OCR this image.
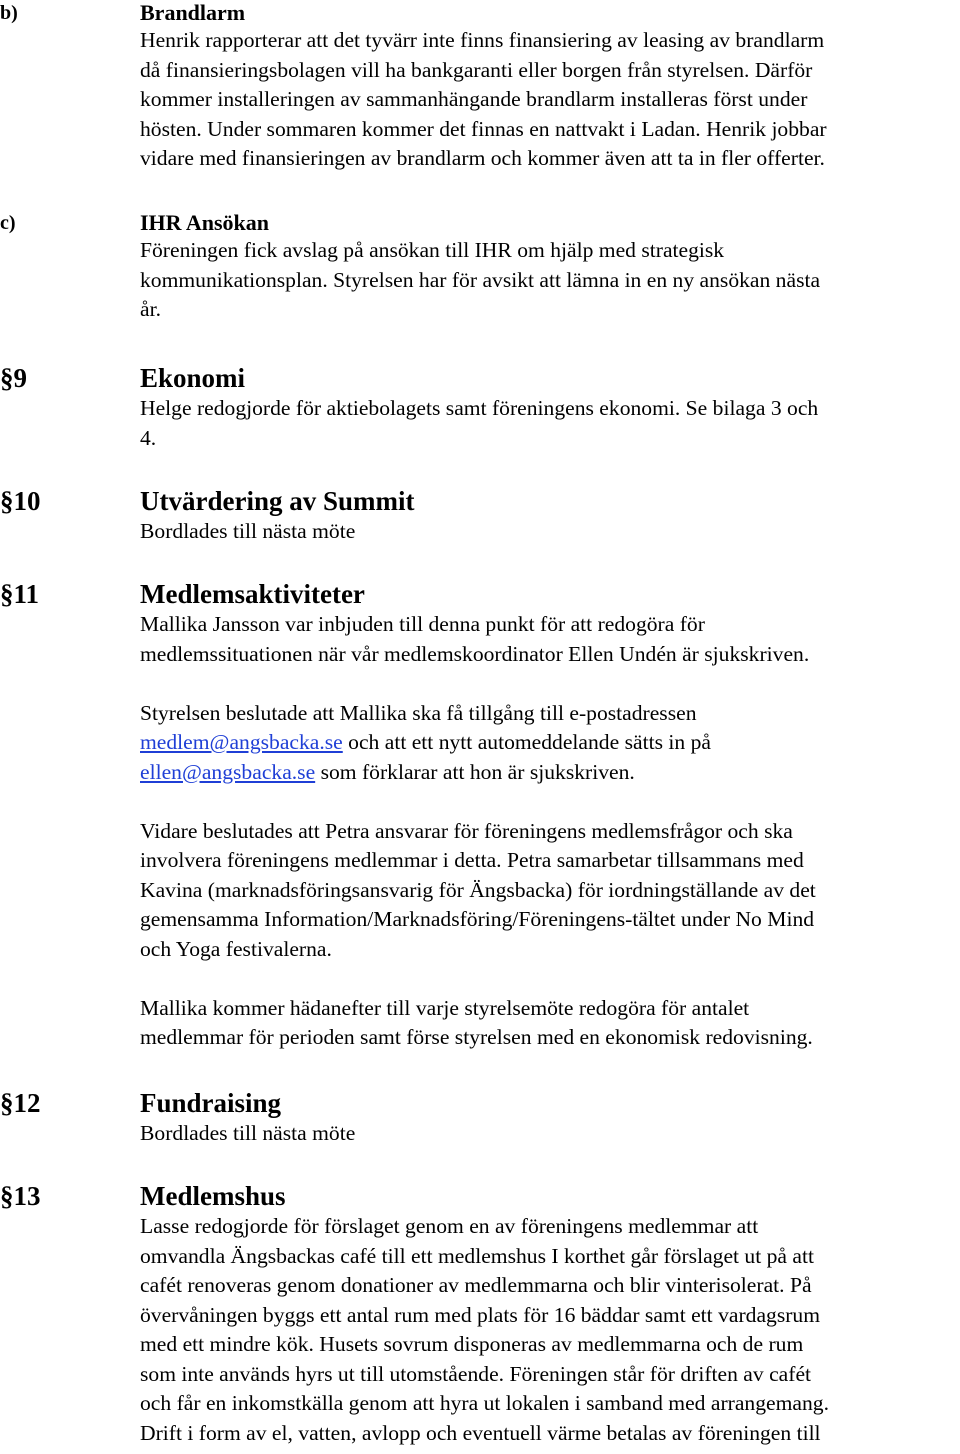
b)	Brandlarm

Henrik rapporterar att det tyvärr inte finns finansiering av leasing av brandlarm
då finansieringsbolagen vill ha bankgaranti eller borgen från styrelsen. Därför
kommer installeringen av sammanhängande brandlarm installeras först under
hösten. Under sommaren kommer det finnas en nattvakt i Ladan. Henrik jobbar
vidare med finansieringen av brandlarm och kommer även att ta in fler offerter.

c)	IHR Ansökan

Föreningen fick avslag på ansökan till IHR om hjälp med strategisk
kommunikationsplan. Styrelsen har för avsikt att lämna in en ny ansökan nästa
år.

§9	Ekonomi

Helge redogjorde för aktiebolagets samt föreningens ekonomi. Se bilaga 3 och
4.

§10	Utvärdering av Summit

Bordlades till nästa möte

§11	Medlemsaktiviteter

Mallika Jansson var inbjuden till denna punkt för att redogöra för
medlemssituationen när vår medlemskoordinator Ellen Undén är sjukskriven.

Styrelsen beslutade att Mallika ska få tillgång till e-postadressen
medlem@angsbacka.se och att ett nytt automeddelande sätts in på
ellen@angsbacka.se som förklarar att hon är sjukskriven.

Vidare beslutades att Petra ansvarar för föreningens medlemsfrågor och ska
involvera föreningens medlemmar i detta. Petra samarbetar tillsammans med
Kavina (marknadsföringsansvarig för Ängsbacka) för iordningställande av det
gemensamma Information/Marknadsföring/Föreningens-tältet under No Mind
och Yoga festivalerna.

Mallika kommer hädanefter till varje styrelsemöte redogöra för antalet
medlemmar för perioden samt förse styrelsen med en ekonomisk redovisning.

§12	Fundraising

Bordlades till nästa möte

§13	Medlemshus

Lasse redogjorde för förslaget genom en av föreningens medlemmar att
omvandla Ängsbackas café till ett medlemshus I korthet går förslaget ut på att
cafét renoveras genom donationer av medlemmarna och blir vinterisolerat. På
övervåningen byggs ett antal rum med plats för 16 bäddar samt ett vardagsrum
med ett mindre kök. Husets sovrum disponeras av medlemmarna och de rum
som inte används hyrs ut till utomstående. Föreningen står för driften av cafét
och får en inkomstkälla genom att hyra ut lokalen i samband med arrangemang.
Drift i form av el, vatten, avlopp och eventuell värme betalas av föreningen till
